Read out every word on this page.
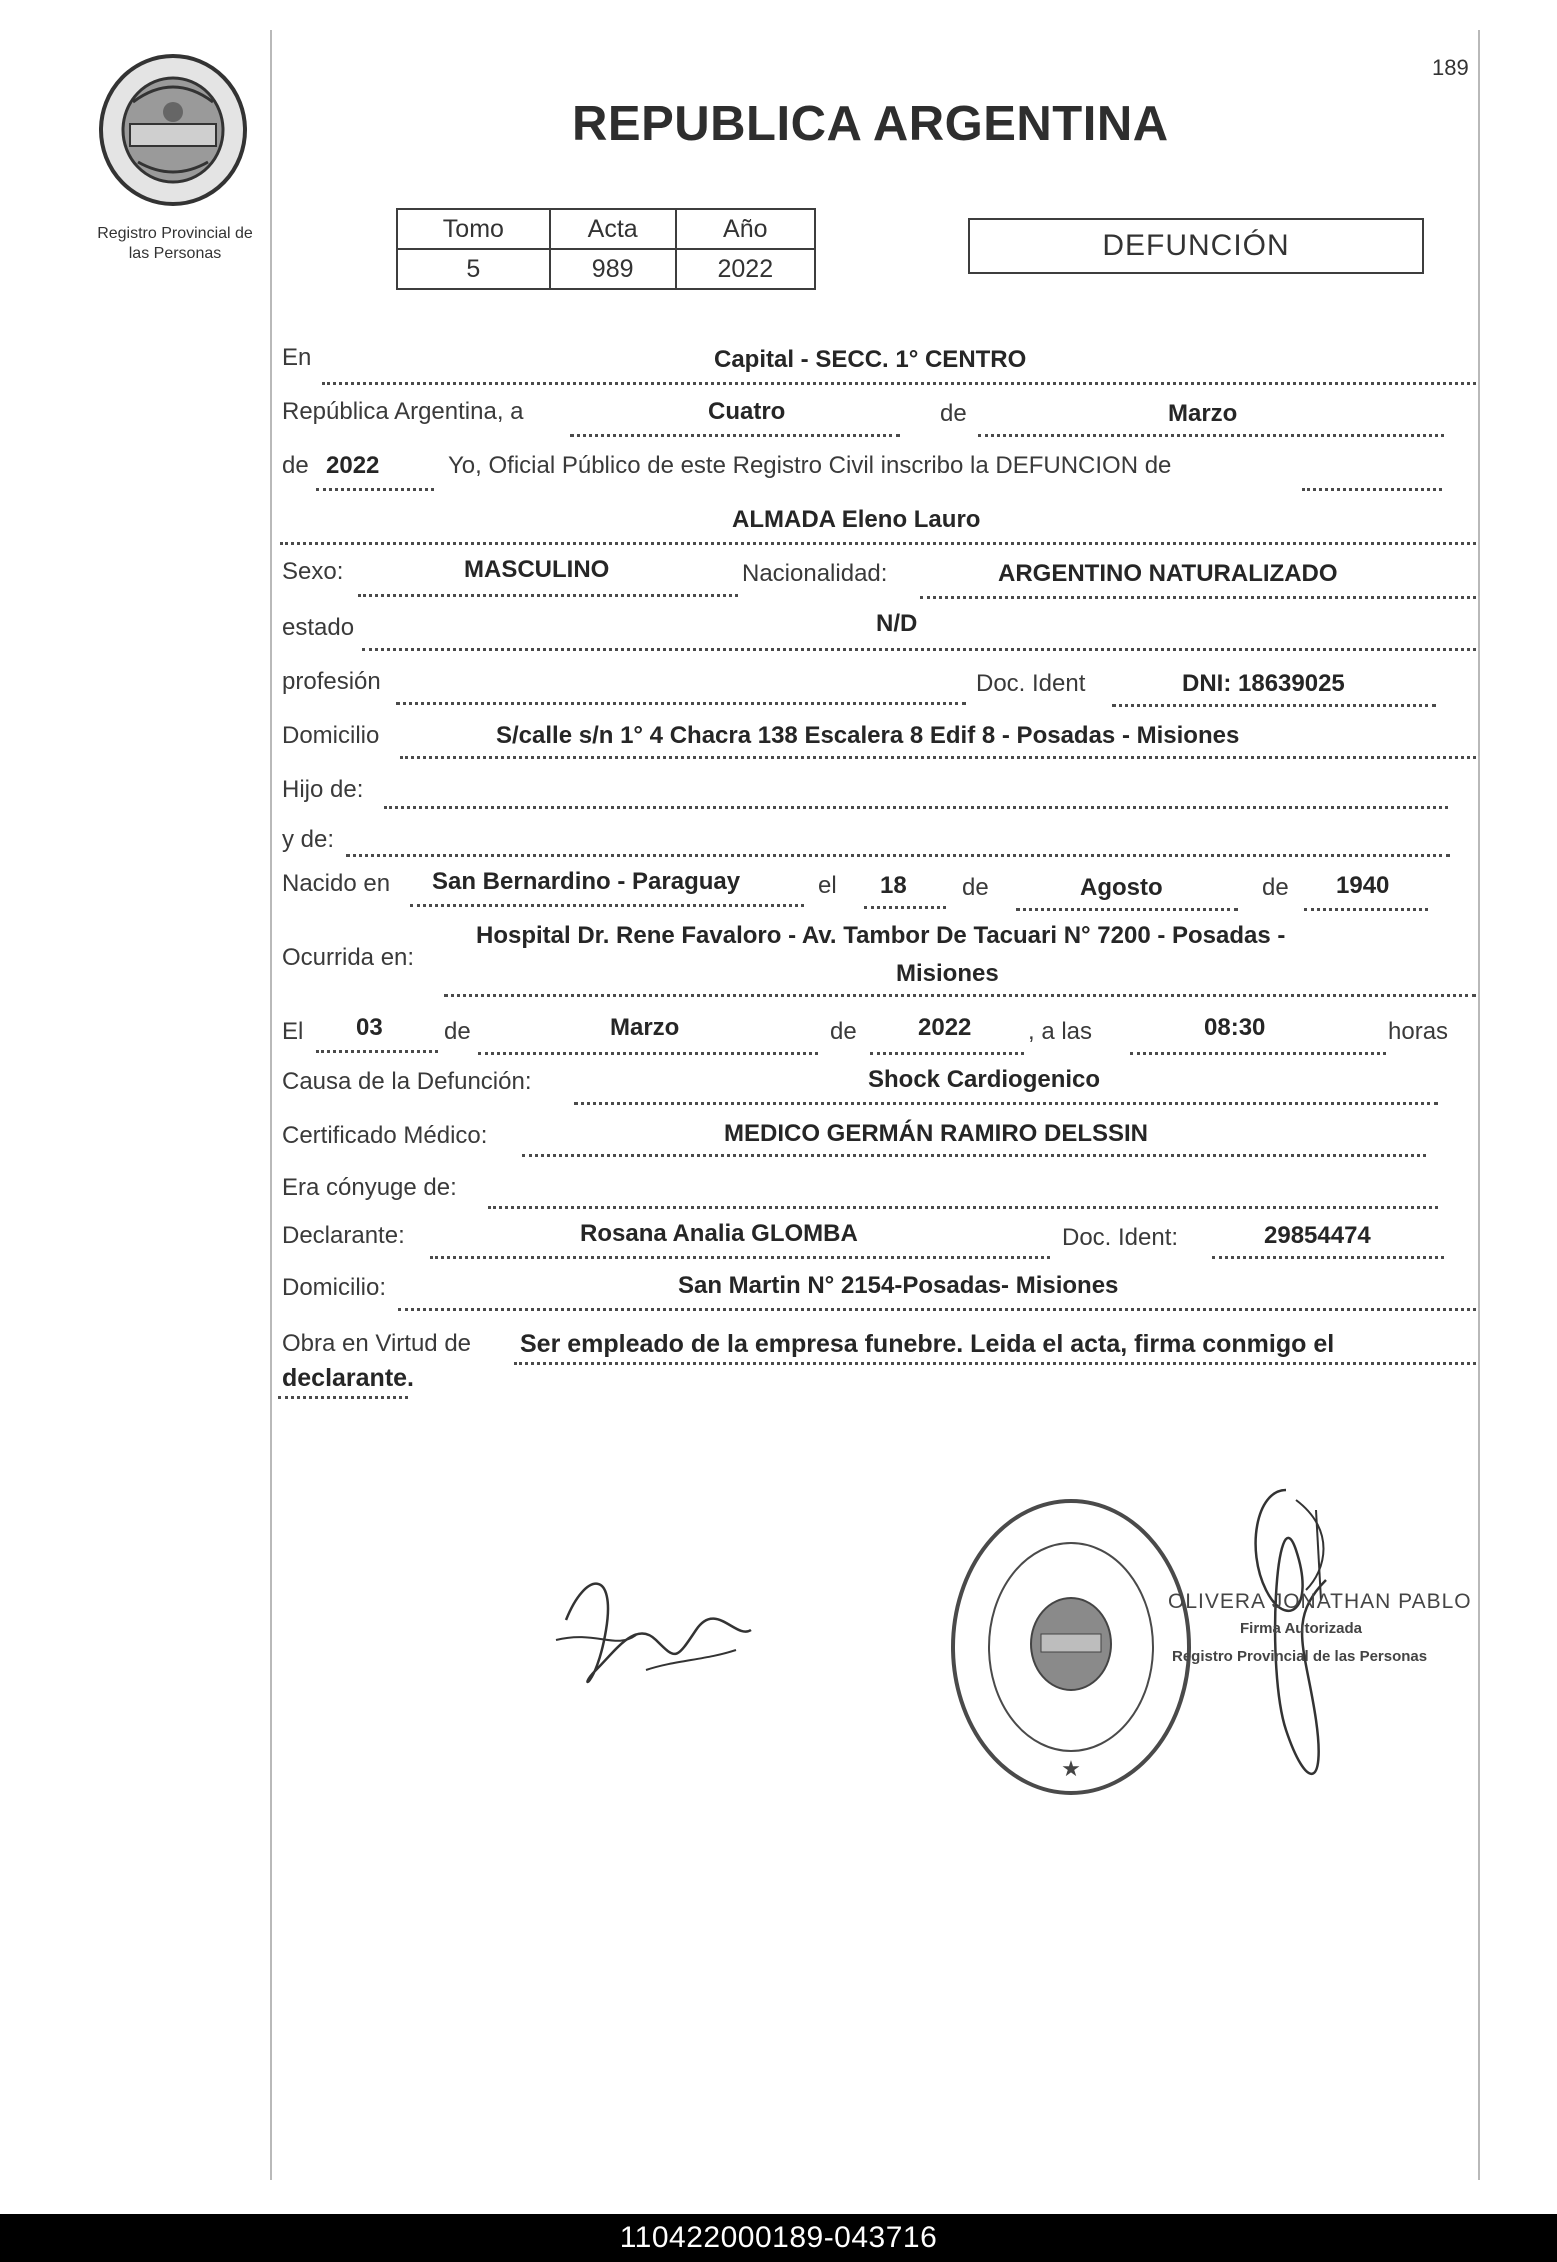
Registro Provincial de
las Personas
189
REPUBLICA ARGENTINA
Tomo	Acta	Año
5	989	2022
DEFUNCIÓN
En	Capital - SECC. 1° CENTRO
República Argentina, a	Cuatro	de	Marzo
de 2022	Yo, Oficial Público de este Registro Civil inscribo la DEFUNCION de
ALMADA Eleno Lauro
Sexo:	MASCULINO	Nacionalidad:	ARGENTINO NATURALIZADO
estado	N/D
profesión	Doc. Ident	DNI: 18639025
Domicilio	S/calle s/n 1° 4 Chacra 138 Escalera 8 Edif 8 - Posadas - Misiones
Hijo de:
y de:
Nacido en San Bernardino - Paraguay	el 18 de	Agosto	de 1940
Ocurrida en:
Hospital Dr. Rene Favaloro - Av. Tambor De Tacuari N° 7200 - Posadas -
Misiones
El 03	de	Marzo	de	2022 , a las	08:30	horas
Causa de la Defunción:	Shock Cardiogenico
Certificado Médico:	MEDICO GERMÁN RAMIRO DELSSIN
Era cónyuge de:
Declarante:	Rosana Analia GLOMBA	Doc. Ident:	29854474
Domicilio:	San Martin N° 2154-Posadas- Misiones
Obra en Virtud de Ser empleado de la empresa funebre. Leida el acta, firma conmigo el
declarante.
★
OLIVERA JONATHAN PABLO
Firma Autorizada
Registro Provincial de las Personas
110422000189-043716
